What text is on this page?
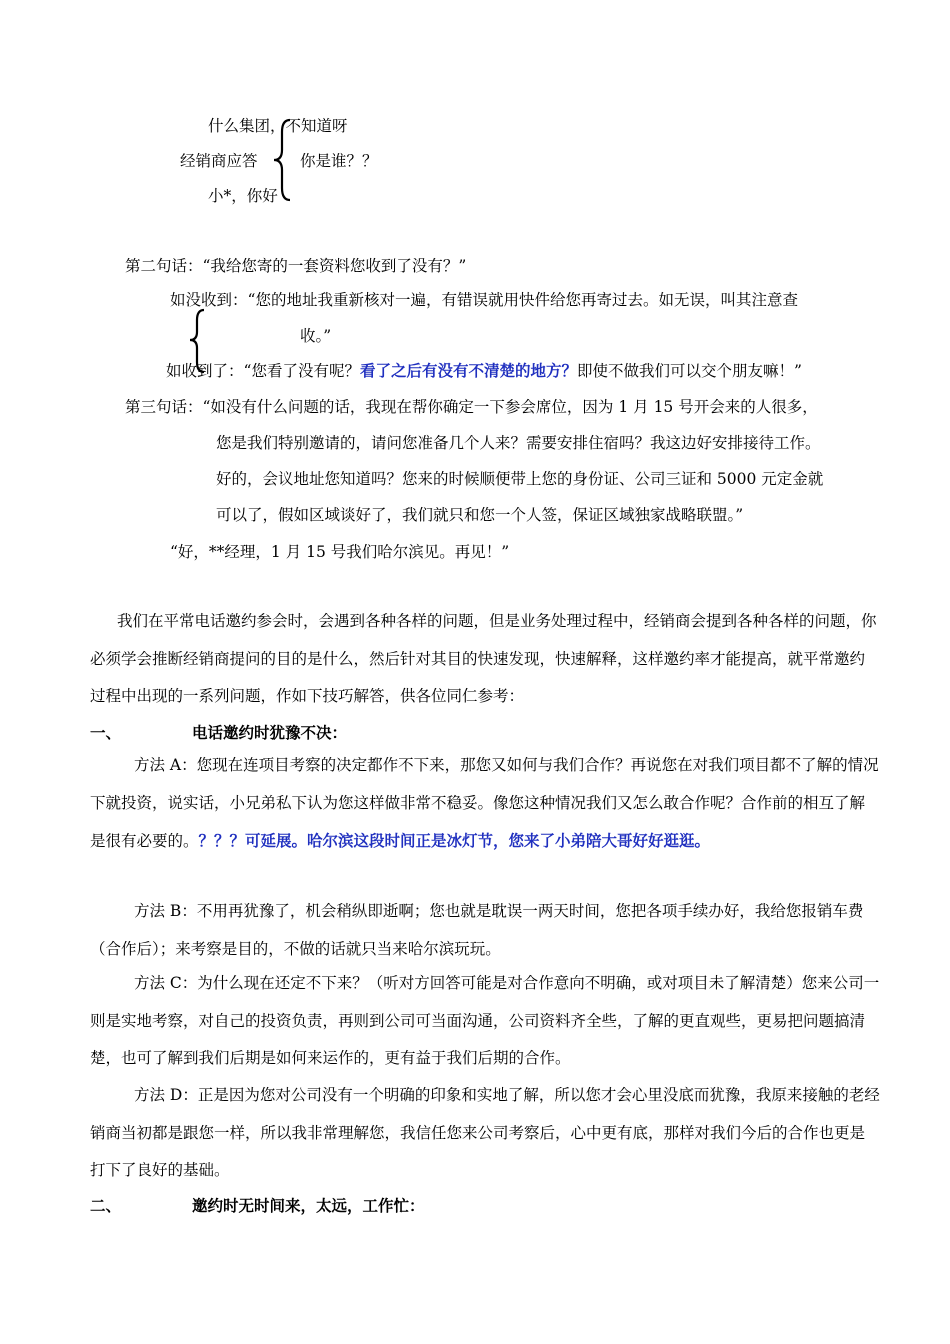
什么集团，不知道呀
经销商应答	你是谁？？
小*，你好
第二句话：“我给您寄的一套资料您收到了没有？”
如没收到：“您的地址我重新核对一遍，有错误就用快件给您再寄过去。如无误，叫其注意查
收。”
如收到了：“您看了没有呢？看了之后有没有不清楚的地方？即使不做我们可以交个朋友嘛！”
第三句话：“如没有什么问题的话，我现在帮你确定一下参会席位，因为 1 月 15 号开会来的人很多，
您是我们特别邀请的，请问您准备几个人来？需要安排住宿吗？我这边好安排接待工作。
好的，会议地址您知道吗？您来的时候顺便带上您的身份证、公司三证和 5000 元定金就
可以了，假如区域谈好了，我们就只和您一个人签，保证区域独家战略联盟。”
“好，**经理，1 月 15 号我们哈尔滨见。再见！”
我们在平常电话邀约参会时，会遇到各种各样的问题，但是业务处理过程中，经销商会提到各种各样的问题，你必须学会推断经销商提问的目的是什么，然后针对其目的快速发现，快速解释，这样邀约率才能提高，就平常邀约过程中出现的一系列问题，作如下技巧解答，供各位同仁参考：
一、	电话邀约时犹豫不决：
方法 A：您现在连项目考察的决定都作不下来，那您又如何与我们合作？再说您在对我们项目都不了解的情况下就投资，说实话，小兄弟私下认为您这样做非常不稳妥。像您这种情况我们又怎么敢合作呢？合作前的相互了解是很有必要的。？？？可延展。哈尔滨这段时间正是冰灯节，您来了小弟陪大哥好好逛逛。
方法 B：不用再犹豫了，机会稍纵即逝啊；您也就是耽误一两天时间，您把各项手续办好，我给您报销车费（合作后）；来考察是目的，不做的话就只当来哈尔滨玩玩。
方法 C：为什么现在还定不下来？（听对方回答可能是对合作意向不明确，或对项目未了解清楚）您来公司一则是实地考察，对自己的投资负责，再则到公司可当面沟通，公司资料齐全些，了解的更直观些，更易把问题搞清楚，也可了解到我们后期是如何来运作的，更有益于我们后期的合作。
方法 D：正是因为您对公司没有一个明确的印象和实地了解，所以您才会心里没底而犹豫，我原来接触的老经销商当初都是跟您一样，所以我非常理解您，我信任您来公司考察后，心中更有底，那样对我们今后的合作也更是打下了良好的基础。
二、	邀约时无时间来，太远，工作忙：
